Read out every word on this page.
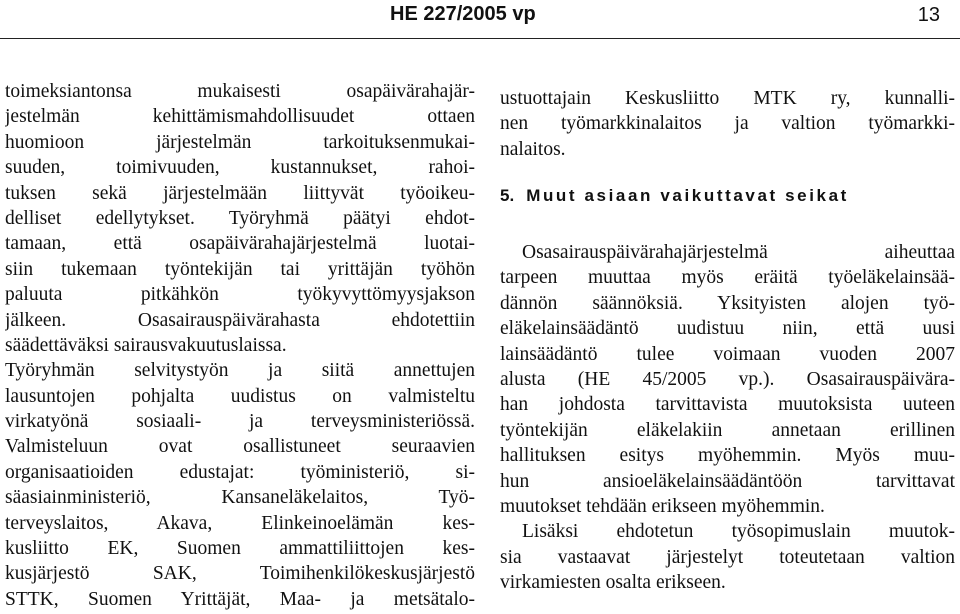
HE 227/2005 vp	13
toimeksiantonsa mukaisesti osapäivärahajär-
jestelmän kehittämismahdollisuudet ottaen
huomioon järjestelmän tarkoituksenmukai-
suuden, toimivuuden, kustannukset, rahoi-
tuksen sekä järjestelmään liittyvät työoikeu-
delliset edellytykset. Työryhmä päätyi ehdot-
tamaan, että osapäivärahajärjestelmä luotai-
siin tukemaan työntekijän tai yrittäjän työhön
paluuta pitkähkön työkyvyttömyysjakson
jälkeen. Osasairauspäivärahasta ehdotettiin
säädettäväksi sairausvakuutuslaissa.
Työryhmän selvitystyön ja siitä annettujen
lausuntojen pohjalta uudistus on valmisteltu
virkatyönä sosiaali- ja terveysministeriössä.
Valmisteluun ovat osallistuneet seuraavien
organisaatioiden edustajat: työministeriö, si-
säasiainministeriö, Kansaneläkelaitos, Työ-
terveyslaitos, Akava, Elinkeinoelämän kes-
kusliitto EK, Suomen ammattiliittojen kes-
kusjärjestö SAK, Toimihenkilökeskusjärjestö
STTK, Suomen Yrittäjät, Maa- ja metsätalo-
ustuottajain Keskusliitto MTK ry, kunnalli-
nen työmarkkinalaitos ja valtion työmarkki-
nalaitos.
5. Muut asiaan vaikuttavat seikat
Osasairauspäivärahajärjestelmä aiheuttaa
tarpeen muuttaa myös eräitä työeläkelainsää-
dännön säännöksiä. Yksityisten alojen työ-
eläkelainsäädäntö uudistuu niin, että uusi
lainsäädäntö tulee voimaan vuoden 2007
alusta (HE 45/2005 vp.). Osasairauspäivära-
han johdosta tarvittavista muutoksista uuteen
työntekijän eläkelakiin annetaan erillinen
hallituksen esitys myöhemmin. Myös muu-
hun ansioeläkelainsäädäntöön tarvittavat
muutokset tehdään erikseen myöhemmin.
Lisäksi ehdotetun työsopimuslain muutok-
sia vastaavat järjestelyt toteutetaan valtion
virkamiesten osalta erikseen.
